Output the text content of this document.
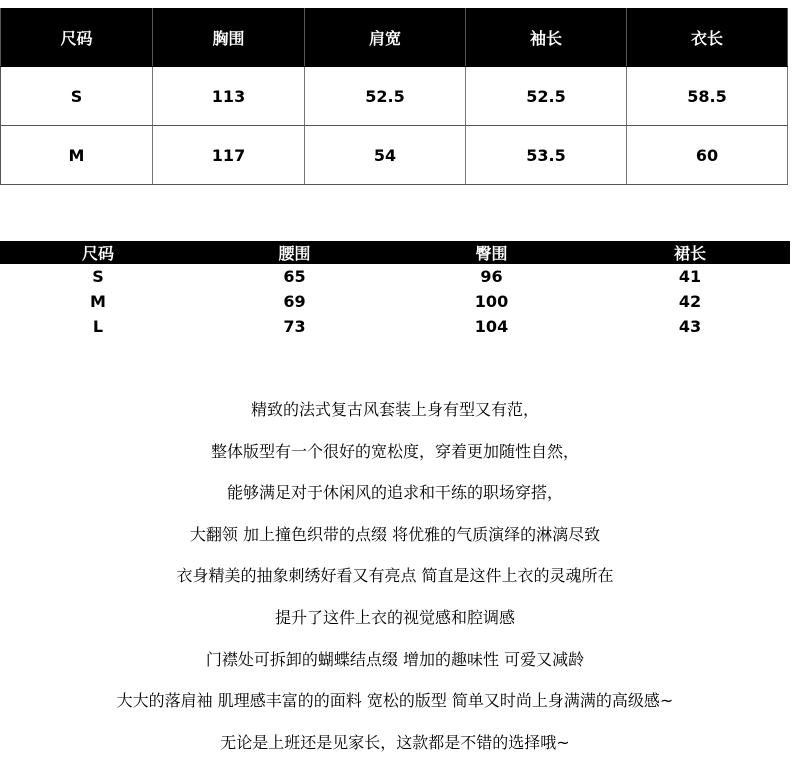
尺码	胸围	肩宽	袖长	衣长
S	113	52.5	52.5	58.5
M	117	54	53.5	60
尺码	腰围	臀围	裙长
S	65	96	41
M	69	100	42
L	73	104	43
精致的法式复古风套装上身有型又有范，
整体版型有一个很好的宽松度，穿着更加随性自然，
能够满足对于休闲风的追求和干练的职场穿搭，
大翻领 加上撞色织带的点缀 将优雅的气质演绎的淋漓尽致
衣身精美的抽象刺绣好看又有亮点 简直是这件上衣的灵魂所在
提升了这件上衣的视觉感和腔调感
门襟处可拆卸的蝴蝶结点缀 增加的趣味性 可爱又减龄
大大的落肩袖 肌理感丰富的的面料 宽松的版型 简单又时尚上身满满的高级感~
无论是上班还是见家长，这款都是不错的选择哦~
